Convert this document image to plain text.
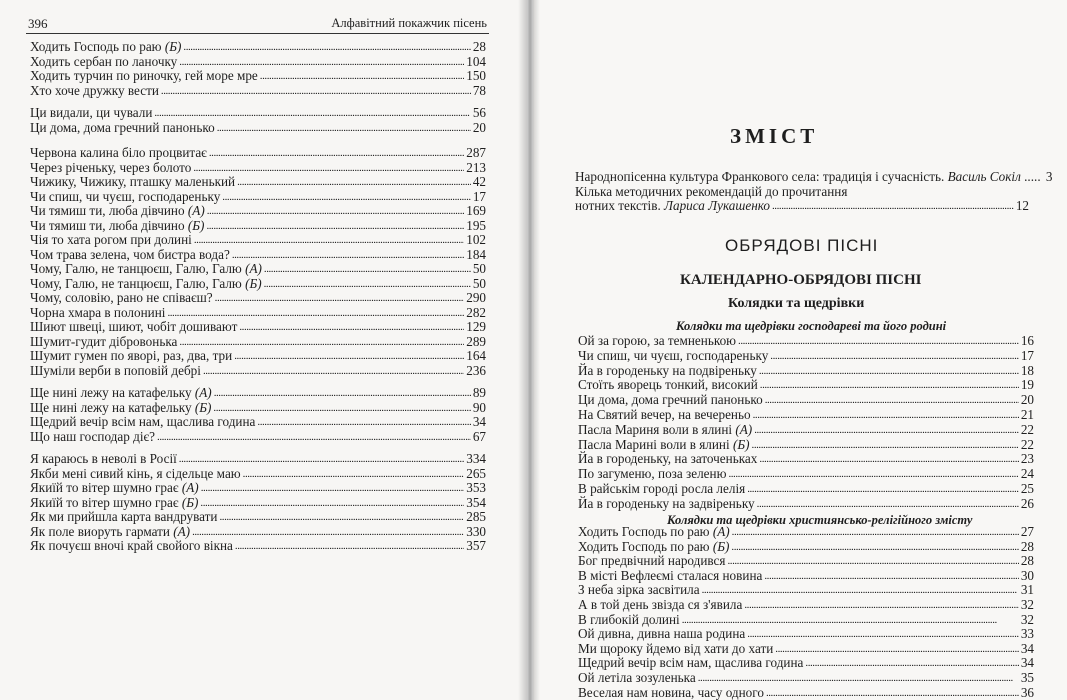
396	Алфавітний покажчик пісень
Ходить Господь по раю (Б) . . .	28
Ходить сербан по ланочку . . .	104
Ходить турчин по риночку, гей море мре . . .	150
Хто хоче дружку вести . . .	78
Ци видали, ци чували . . .	56
Ци дома, дома гречний панонько . . .	20
Червона калина біло процвитає . . .	287
Через річеньку, через болото . . .	213
Чижику, Чижику, пташку маленький . . .	42
Чи спиш, чи чуєш, господареньку . . .	17
Чи тямиш ти, люба дівчино (А) . . .	169
Чи тямиш ти, люба дівчино (Б) . . .	195
Чія то хата рогом при долині . . .	102
Чом трава зелена, чом бистра вода? . . .	184
Чому, Галю, не танцюєш, Галю, Галю (А) . . .	50
Чому, Галю, не танцюєш, Галю, Галю (Б) . . .	50
Чому, соловію, рано не співаєш? . . .	290
Чорна хмара в полонині . . .	282
Шиют швеці, шиют, чобіт дошивают . . .	129
Шумит-гудит дібровонька . . .	289
Шумит гумен по яворі, раз, два, три . . .	164
Шуміли верби в поповій дебрі . . .	236
Ще нині лежу на катафельку (А) . . .	89
Ще нині лежу на катафельку (Б) . . .	90
Щедрий вечір всім нам, щаслива година . . .	34
Що наш господар діє? . . .	67
Я караюсь в неволі в Росії . . .	334
Якби мені сивий кінь, я сідельце маю . . .	265
Якиїй то вітер шумно грає (А) . . .	353
Якиїй то вітер шумно грає (Б) . . .	354
Як ми прийшла карта вандрувати . . .	285
Як поле виоруть гармати (А) . . .	330
Як почуєш вночі край свойого вікна . . .	357
ЗМІСТ
Народнопісенна культура Франкового села: традиція і сучасність. Василь Сокіл ..... 3
Кілька методичних рекомендацій до прочитання
нотних текстів. Лариса Лукашенко . . .	12
ОБРЯДОВІ ПІСНІ
КАЛЕНДАРНО-ОБРЯДОВІ ПІСНІ
Колядки та щедрівки
Колядки та щедрівки господареві та його родині
Ой за горою, за темненькою . . .	16
Чи спиш, чи чуєш, господареньку . . .	17
Йа в городеньку на подвіреньку . . .	18
Стоїть яворець тонкий, високий . . .	19
Ци дома, дома гречний панонько . . .	20
На Святий вечер, на вечереньо . . .	21
Пасла Мариня воли в ялині (А) . . .	22
Пасла Марині воли в ялині (Б) . . .	22
Йа в городеньку, на заточеньках . . .	23
По загуменю, поза зеленю . . .	24
В райськім городі росла лелія . . .	25
Йа в городеньку на задвіреньку . . .	26
Колядки та щедрівки християнсько-релігійного змісту
Ходить Господь по раю (А) . . .	27
Ходить Господь по раю (Б) . . .	28
Бог предвічний народився . . .	28
В місті Вефлеємі сталася новина . . .	30
З неба зірка засвітила . . .	31
А в той день звізда ся з'явила . . .	32
В глибокій долині . . .	32
Ой дивна, дивна наша родина . . .	33
Ми щороку йдемо від хати до хати . . .	34
Щедрий вечір всім нам, щаслива година . . .	34
Ой летіла зозуленька . . .	35
Веселая нам новина, часу одного . . .	36
